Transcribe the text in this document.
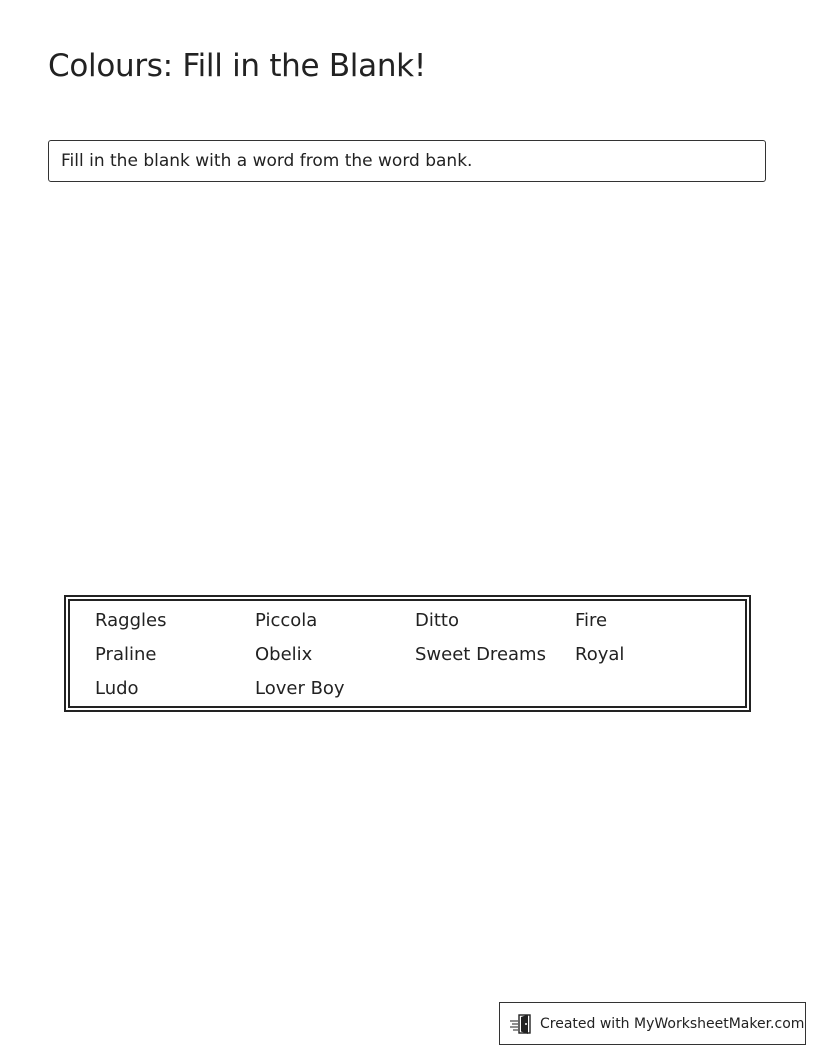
Colours: Fill in the Blank!
Fill in the blank with a word from the word bank.
Raggles	Piccola	Ditto	Fire
Praline	Obelix	Sweet Dreams	Royal
Ludo	Lover Boy
Created with MyWorksheetMaker.com
